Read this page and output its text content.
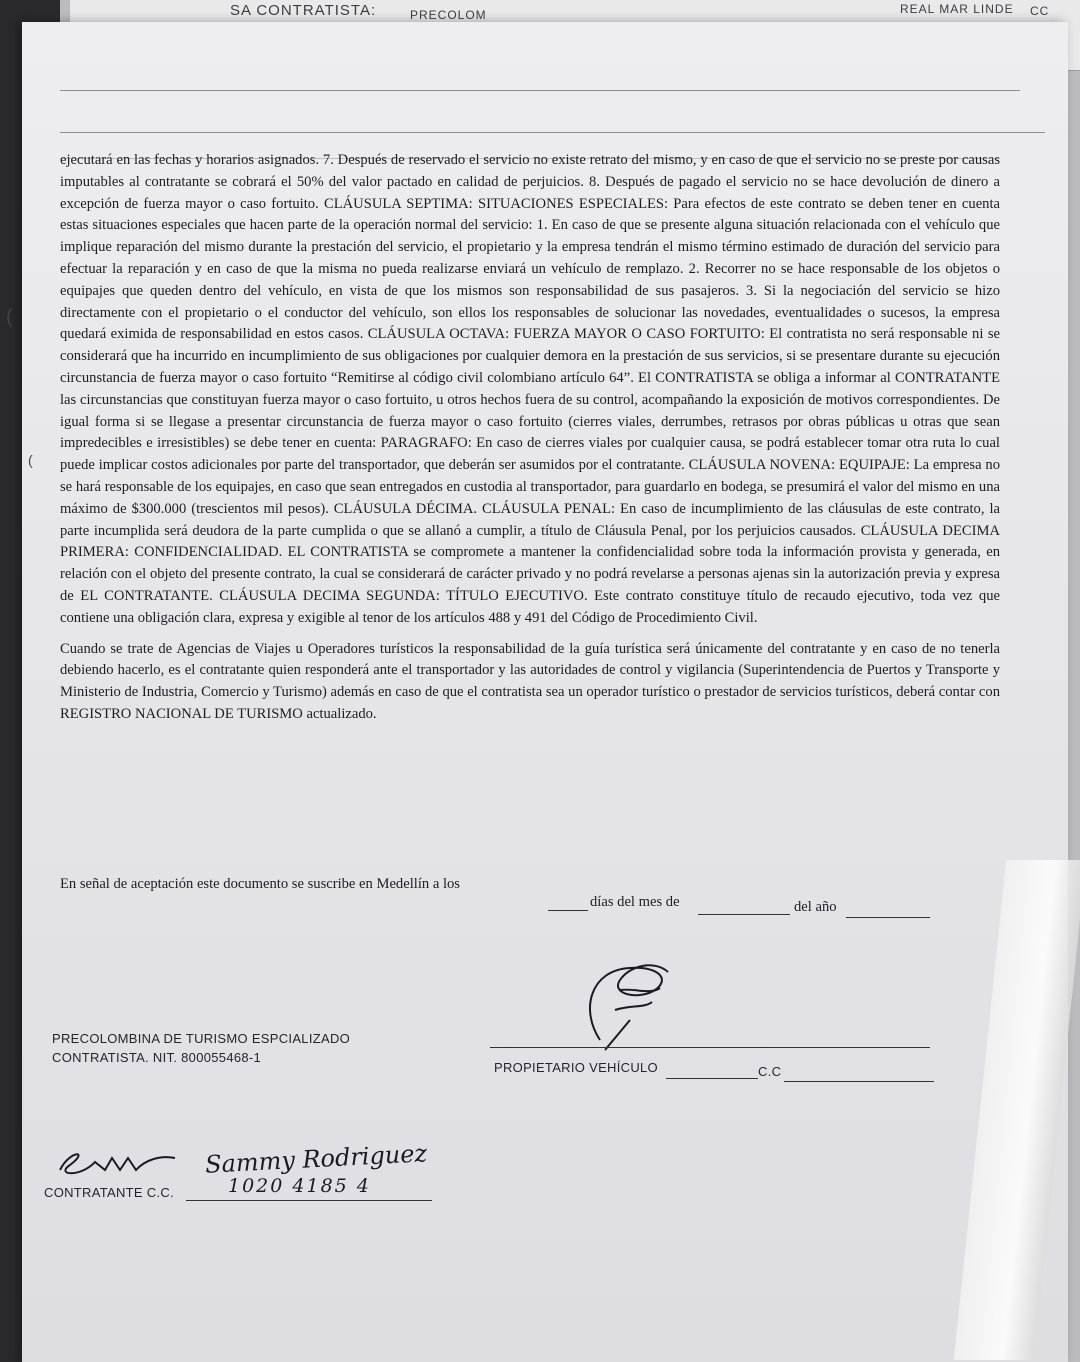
SA CONTRATISTA:	PRECOLOM	REAL MAR LINDE CC
(
(

ejecutará en las fechas y horarios asignados. 7. Después de reservado el servicio no existe retrato del mismo, y en caso de que el servicio no se preste por causas imputables al contratante se cobrará el 50% del valor pactado en calidad de perjuicios. 8. Después de pagado el servicio no se hace devolución de dinero a excepción de fuerza mayor o caso fortuito. CLÁUSULA SEPTIMA: SITUACIONES ESPECIALES: Para efectos de este contrato se deben tener en cuenta estas situaciones especiales que hacen parte de la operación normal del servicio: 1. En caso de que se presente alguna situación relacionada con el vehículo que implique reparación del mismo durante la prestación del servicio, el propietario y la empresa tendrán el mismo término estimado de duración del servicio para efectuar la reparación y en caso de que la misma no pueda realizarse enviará un vehículo de remplazo. 2. Recorrer no se hace responsable de los objetos o equipajes que queden dentro del vehículo, en vista de que los mismos son responsabilidad de sus pasajeros. 3. Si la negociación del servicio se hizo directamente con el propietario o el conductor del vehículo, son ellos los responsables de solucionar las novedades, eventualidades o sucesos, la empresa quedará eximida de responsabilidad en estos casos. CLÁUSULA OCTAVA: FUERZA MAYOR O CASO FORTUITO: El contratista no será responsable ni se considerará que ha incurrido en incumplimiento de sus obligaciones por cualquier demora en la prestación de sus servicios, si se presentare durante su ejecución circunstancia de fuerza mayor o caso fortuito “Remitirse al código civil colombiano artículo 64”. El CONTRATISTA se obliga a informar al CONTRATANTE las circunstancias que constituyan fuerza mayor o caso fortuito, u otros hechos fuera de su control, acompañando la exposición de motivos correspondientes. De igual forma si se llegase a presentar circunstancia de fuerza mayor o caso fortuito (cierres viales, derrumbes, retrasos por obras públicas u otras que sean impredecibles e irresistibles) se debe tener en cuenta: PARAGRAFO: En caso de cierres viales por cualquier causa, se podrá establecer tomar otra ruta lo cual puede implicar costos adicionales por parte del transportador, que deberán ser asumidos por el contratante. CLÁUSULA NOVENA: EQUIPAJE: La empresa no se hará responsable de los equipajes, en caso que sean entregados en custodia al transportador, para guardarlo en bodega, se presumirá el valor del mismo en una máximo de $300.000 (trescientos mil pesos). CLÁUSULA DÉCIMA. CLÁUSULA PENAL: En caso de incumplimiento de las cláusulas de este contrato, la parte incumplida será deudora de la parte cumplida o que se allanó a cumplir, a título de Cláusula Penal, por los perjuicios causados. CLÁUSULA DECIMA PRIMERA: CONFIDENCIALIDAD. EL CONTRATISTA se compromete a mantener la confidencialidad sobre toda la información provista y generada, en relación con el objeto del presente contrato, la cual se considerará de carácter privado y no podrá revelarse a personas ajenas sin la autorización previa y expresa de EL CONTRATANTE. CLÁUSULA DECIMA SEGUNDA: TÍTULO EJECUTIVO. Este contrato constituye título de recaudo ejecutivo, toda vez que contiene una obligación clara, expresa y exigible al tenor de los artículos 488 y 491 del Código de Procedimiento Civil.

Cuando se trate de Agencias de Viajes u Operadores turísticos la responsabilidad de la guía turística será únicamente del contratante y en caso de no tenerla debiendo hacerlo, es el contratante quien responderá ante el transportador y las autoridades de control y vigilancia (Superintendencia de Puertos y Transporte y Ministerio de Industria, Comercio y Turismo) además en caso de que el contratista sea un operador turístico o prestador de servicios turísticos, deberá contar con REGISTRO NACIONAL DE TURISMO actualizado.

En señal de aceptación este documento se suscribe en Medellín a los
días del mes de	del año
PRECOLOMBINA DE TURISMO ESPCIALIZADO
CONTRATISTA. NIT. 800055468-1
PROPIETARIO VEHÍCULO	C.C
Sammy Rodriguez
CONTRATANTE C.C.	1020 4185 4
